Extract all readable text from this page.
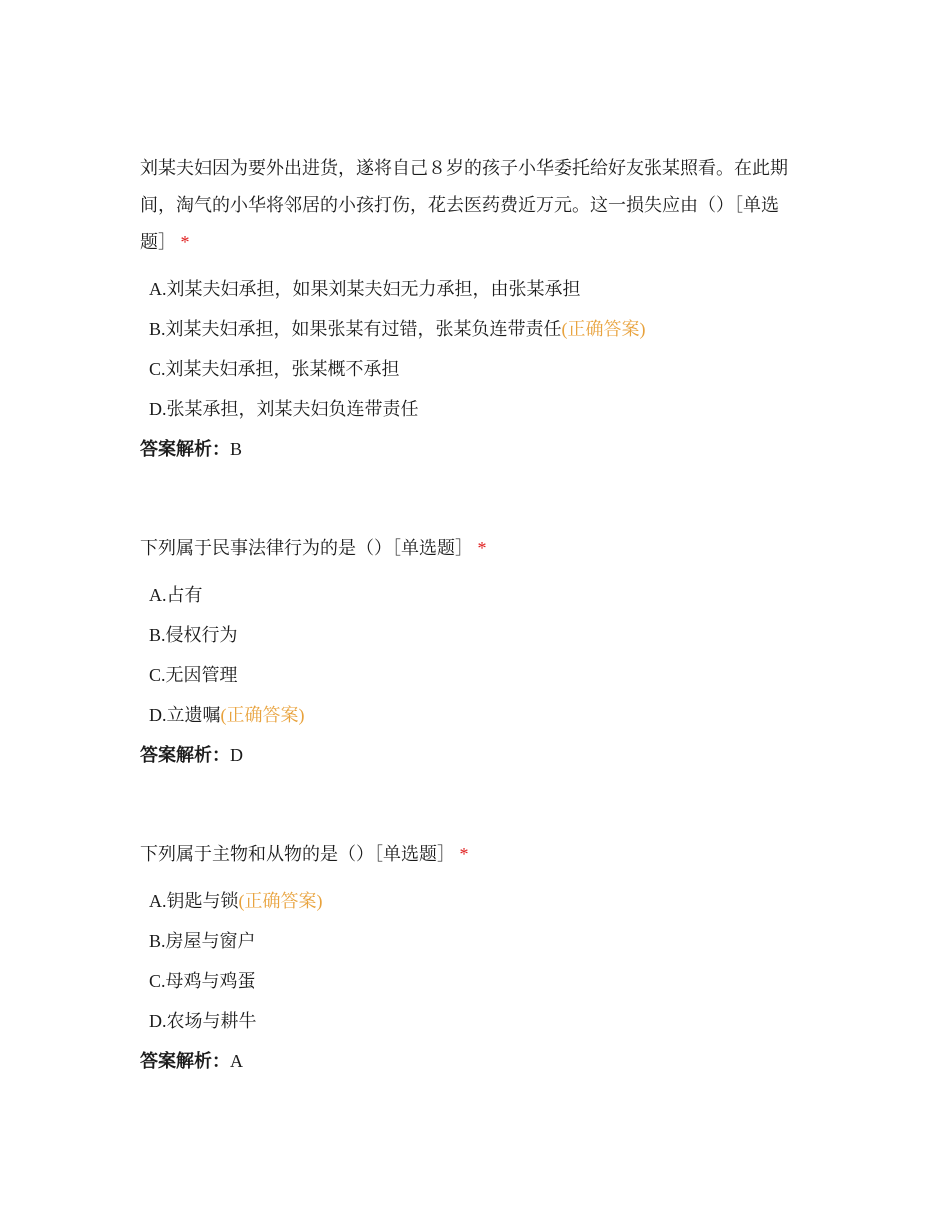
刘某夫妇因为要外出进货，遂将自己８岁的孩子小华委托给好友张某照看。在此期间，淘气的小华将邻居的小孩打伤，花去医药费近万元。这一损失应由（）［单选题］ *

A.刘某夫妇承担，如果刘某夫妇无力承担，由张某承担
B.刘某夫妇承担，如果张某有过错，张某负连带责任(正确答案)
C.刘某夫妇承担，张某概不承担
D.张某承担，刘某夫妇负连带责任
答案解析：B

下列属于民事法律行为的是（）［单选题］ *

A.占有
B.侵权行为
C.无因管理
D.立遗嘱(正确答案)
答案解析：D

下列属于主物和从物的是（）［单选题］ *

A.钥匙与锁(正确答案)
B.房屋与窗户
C.母鸡与鸡蛋
D.农场与耕牛
答案解析：A
